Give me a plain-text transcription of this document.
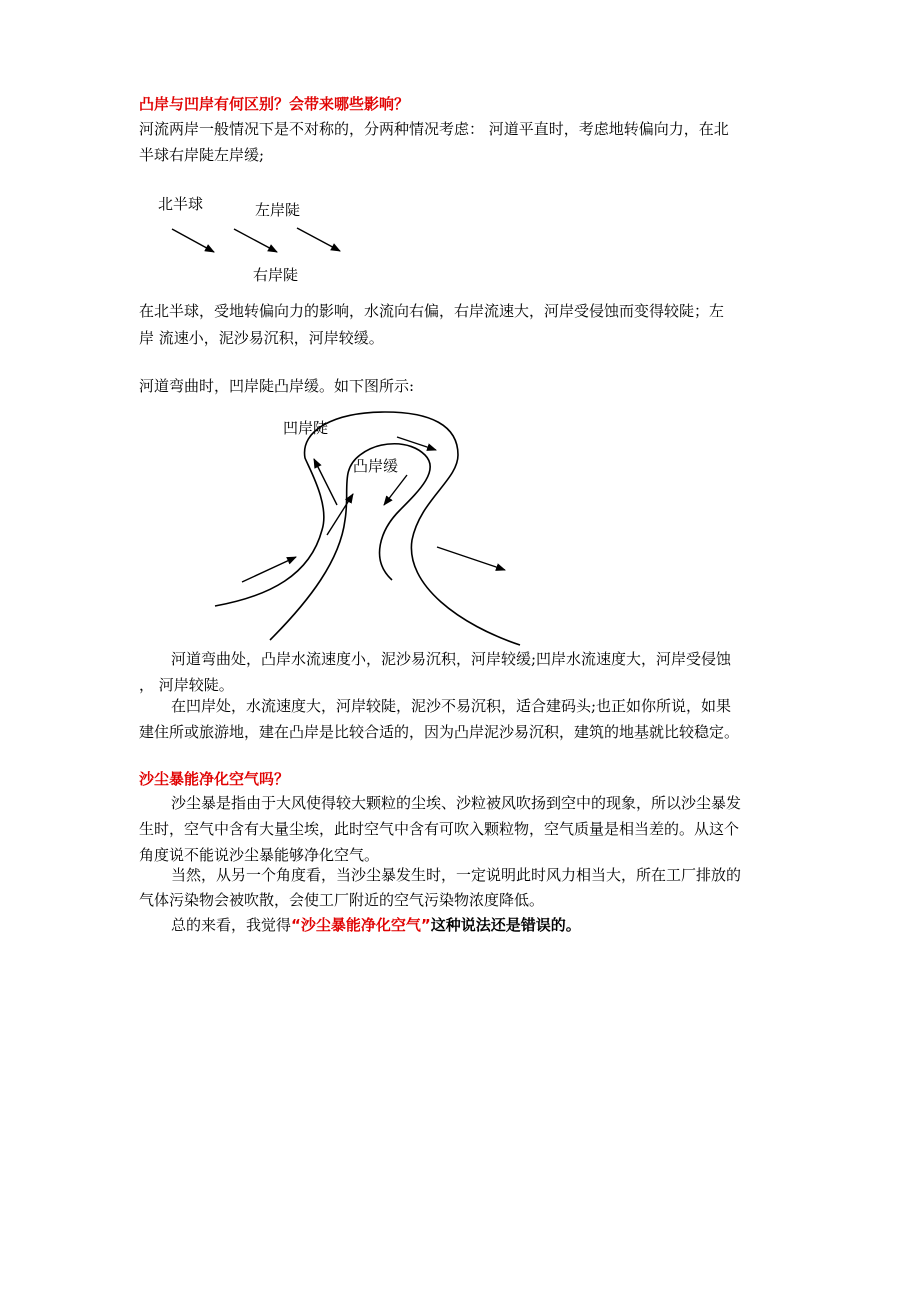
凸岸与凹岸有何区别？会带来哪些影响？
河流两岸一般情况下是不对称的，分两种情况考虑： 河道平直时，考虑地转偏向力，在北
半球右岸陡左岸缓;
北半球	左岸陡
右岸陡
在北半球，受地转偏向力的影响，水流向右偏，右岸流速大，河岸受侵蚀而变得较陡；左
岸 流速小，泥沙易沉积，河岸较缓。
河道弯曲时，凹岸陡凸岸缓。如下图所示:
凹岸陡
凸岸缓
河道弯曲处，凸岸水流速度小，泥沙易沉积，河岸较缓;凹岸水流速度大，河岸受侵蚀
， 河岸较陡。
在凹岸处，水流速度大，河岸较陡，泥沙不易沉积，适合建码头;也正如你所说，如果
建住所或旅游地，建在凸岸是比较合适的，因为凸岸泥沙易沉积，建筑的地基就比较稳定。
沙尘暴能净化空气吗？
沙尘暴是指由于大风使得较大颗粒的尘埃、沙粒被风吹扬到空中的现象，所以沙尘暴发
生时，空气中含有大量尘埃，此时空气中含有可吹入颗粒物，空气质量是相当差的。从这个
角度说不能说沙尘暴能够净化空气。
当然，从另一个角度看，当沙尘暴发生时，一定说明此时风力相当大，所在工厂排放的
气体污染物会被吹散，会使工厂附近的空气污染物浓度降低。
总的来看，我觉得“沙尘暴能净化空气”这种说法还是错误的。
